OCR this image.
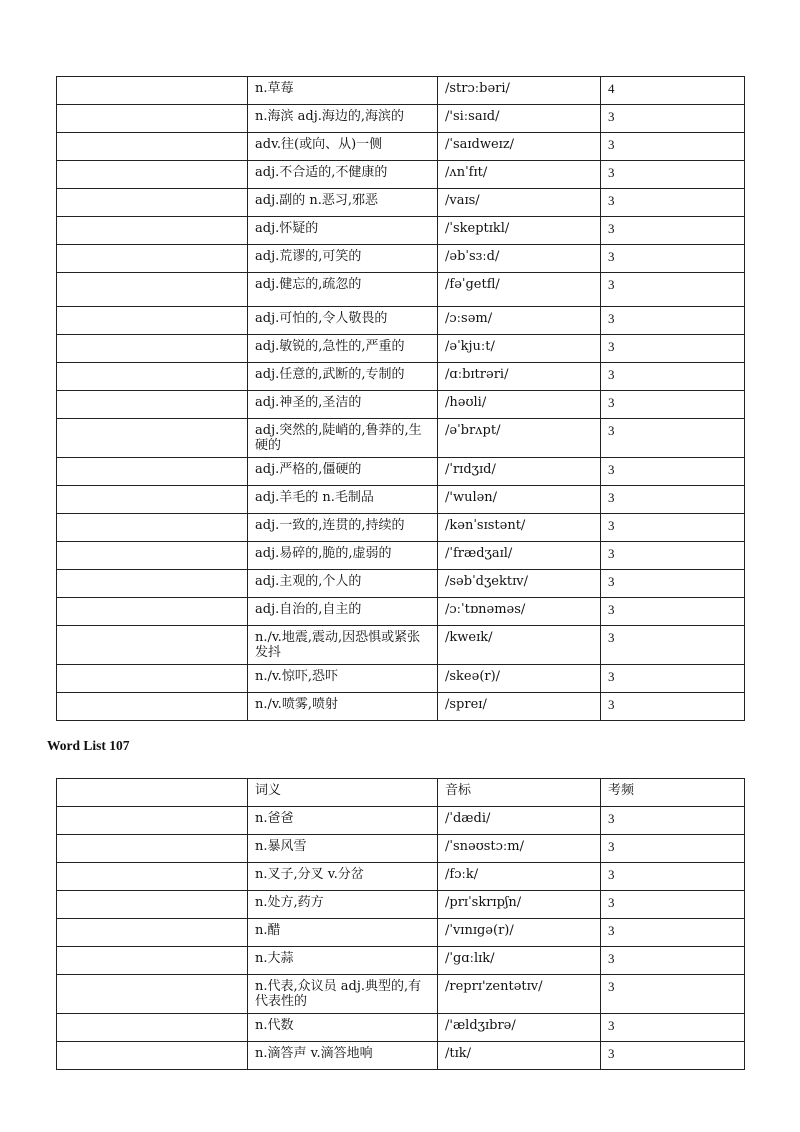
	n.草莓	/strɔːbəri/	4
	n.海滨 adj.海边的,海滨的	/'siːsaɪd/	3
	adv.往(或向、从)一侧	/ˈsaɪdweɪz/	3
	adj.不合适的,不健康的	/ʌnˈfɪt/	3
	adj.副的 n.恶习,邪恶	/vaɪs/	3
	adj.怀疑的	/ˈskeptɪkl/	3
	adj.荒谬的,可笑的	/əbˈsɜːd/	3
	adj.健忘的,疏忽的	/fəˈgetfl/	3
	adj.可怕的,令人敬畏的	/ɔːsəm/	3
	adj.敏锐的,急性的,严重的	/əˈkjuːt/	3
	adj.任意的,武断的,专制的	/ɑːbɪtrəri/	3
	adj.神圣的,圣洁的	/həʊli/	3
	adj.突然的,陡峭的,鲁莽的,生硬的	/əˈbrʌpt/	3
	adj.严格的,僵硬的	/ˈrɪdʒɪd/	3
	adj.羊毛的 n.毛制品	/'wulən/	3
	adj.一致的,连贯的,持续的	/kənˈsɪstənt/	3
	adj.易碎的,脆的,虚弱的	/ˈfrædʒaɪl/	3
	adj.主观的,个人的	/səbˈdʒektɪv/	3
	adj.自治的,自主的	/ɔːˈtɒnəməs/	3
	n./v.地震,震动,因恐惧或紧张发抖	/kweɪk/	3
	n./v.惊吓,恐吓	/skeə(r)/	3
	n./v.喷雾,喷射	/spreɪ/	3
Word List 107
	词义	音标	考频
	n.爸爸	/ˈdædi/	3
	n.暴风雪	/ˈsnəʊstɔːm/	3
	n.叉子,分叉 v.分岔	/fɔːk/	3
	n.处方,药方	/prɪˈskrɪpʃn/	3
	n.醋	/ˈvɪnɪgə(r)/	3
	n.大蒜	/ˈgɑːlɪk/	3
	n.代表,众议员 adj.典型的,有代表性的	/reprɪ'zentətɪv/	3
	n.代数	/'ældʒɪbrə/	3
	n.滴答声 v.滴答地响	/tɪk/	3
